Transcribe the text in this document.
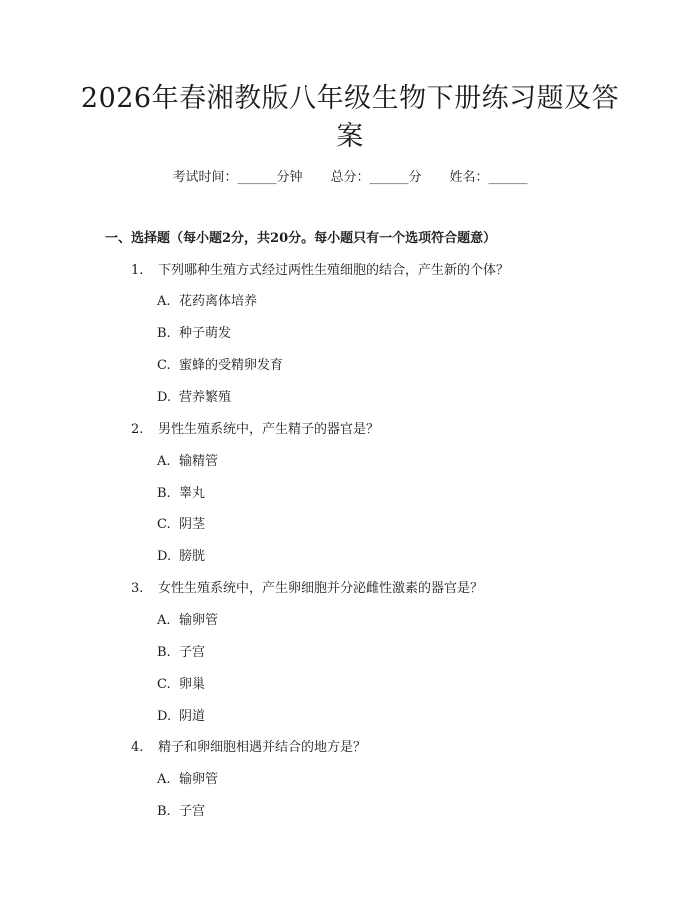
2026年春湘教版八年级生物下册练习题及答案
考试时间：______分钟 总分：______分 姓名：______
一、选择题（每小题2分，共20分。每小题只有一个选项符合题意）
1. 下列哪种生殖方式经过两性生殖细胞的结合，产生新的个体？
A. 花药离体培养
B. 种子萌发
C. 蜜蜂的受精卵发育
D. 营养繁殖
2. 男性生殖系统中，产生精子的器官是？
A. 输精管
B. 睾丸
C. 阴茎
D. 膀胱
3. 女性生殖系统中，产生卵细胞并分泌雌性激素的器官是？
A. 输卵管
B. 子宫
C. 卵巢
D. 阴道
4. 精子和卵细胞相遇并结合的地方是？
A. 输卵管
B. 子宫
